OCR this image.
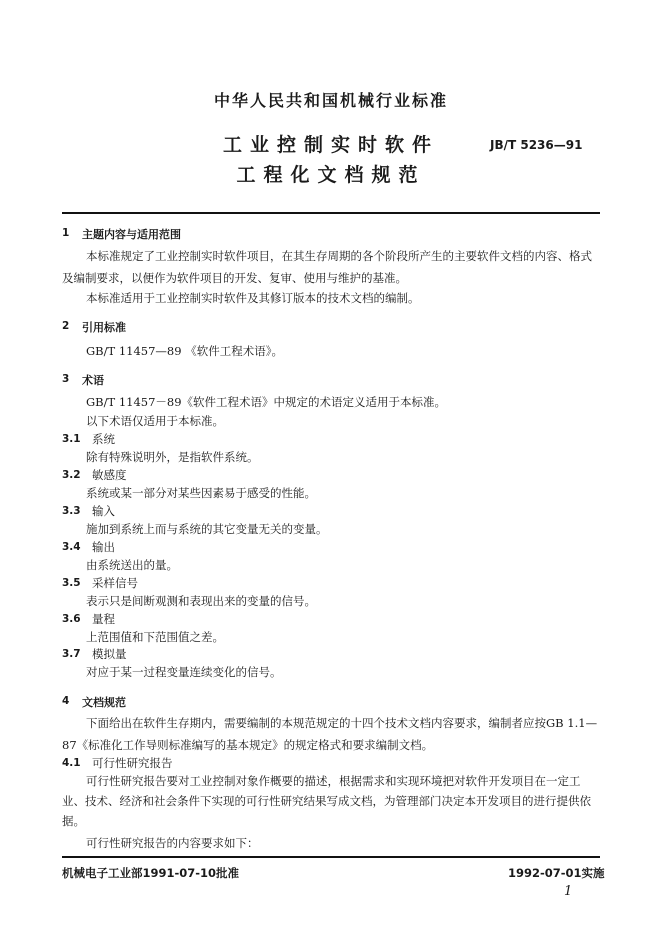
中华人民共和国机械行业标准
工业控制实时软件
工程化文档规范
JB/T 5236—91
1 主题内容与适用范围
本标准规定了工业控制实时软件项目，在其生存周期的各个阶段所产生的主要软件文档的内容、格式及编制要求，以便作为软件项目的开发、复审、使用与维护的基准。
本标准适用于工业控制实时软件及其修订版本的技术文档的编制。
2 引用标准
GB/T 11457—89 《软件工程术语》。
3 术语
GB/T 11457－89《软件工程术语》中规定的术语定义适用于本标准。
以下术语仅适用于本标准。
3.1 系统
除有特殊说明外，是指软件系统。
3.2 敏感度
系统或某一部分对某些因素易于感受的性能。
3.3 输入
施加到系统上而与系统的其它变量无关的变量。
3.4 输出
由系统送出的量。
3.5 采样信号
表示只是间断观测和表现出来的变量的信号。
3.6 量程
上范围值和下范围值之差。
3.7 模拟量
对应于某一过程变量连续变化的信号。
4 文档规范
下面给出在软件生存期内，需要编制的本规范规定的十四个技术文档内容要求，编制者应按GB 1.1—87《标准化工作导则标准编写的基本规定》的规定格式和要求编制文档。
4.1 可行性研究报告
可行性研究报告要对工业控制对象作概要的描述，根据需求和实现环境把对软件开发项目在一定工业、技术、经济和社会条件下实现的可行性研究结果写成文档，为管理部门决定本开发项目的进行提供依据。
可行性研究报告的内容要求如下：
机械电子工业部1991-07-10批准	1992-07-01实施
1
